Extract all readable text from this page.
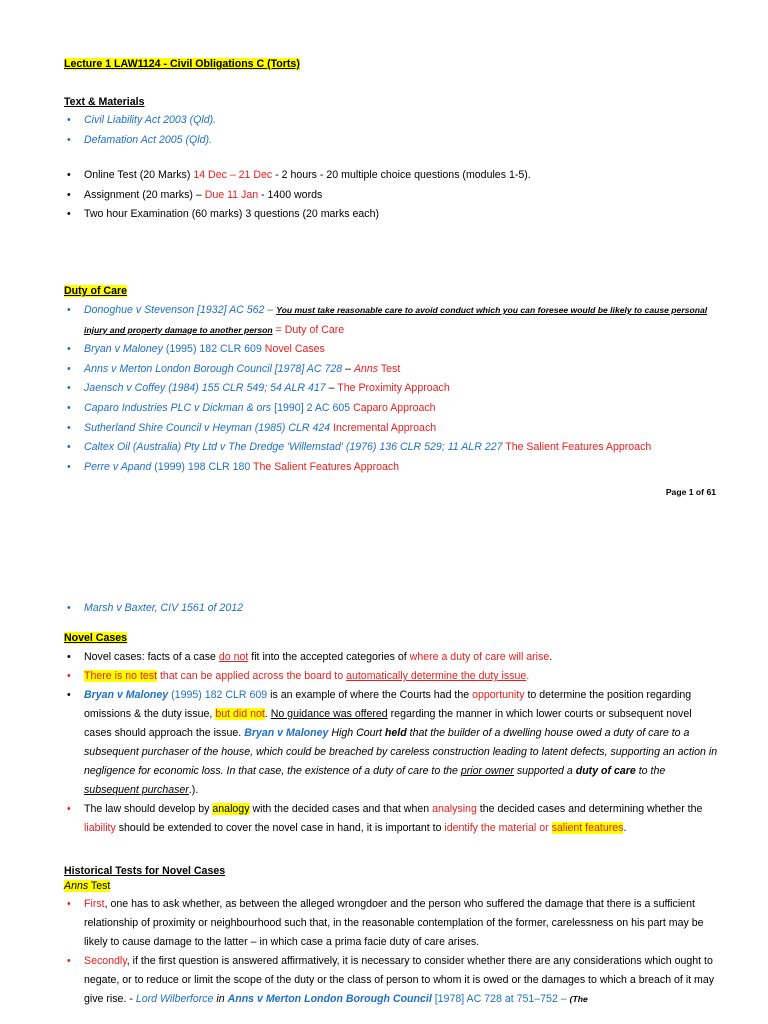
Lecture 1 LAW1124 - Civil Obligations C (Torts)
Text & Materials
• Civil Liability Act 2003 (Qld).
• Defamation Act 2005 (Qld).
• Online Test (20 Marks) 14 Dec – 21 Dec - 2 hours - 20 multiple choice questions (modules 1-5).
• Assignment (20 marks) – Due 11 Jan - 1400 words
• Two hour Examination (60 marks) 3 questions (20 marks each)
Duty of Care
• Donoghue v Stevenson [1932] AC 562 – You must take reasonable care to avoid conduct which you can foresee would be likely to cause personal injury and property damage to another person = Duty of Care
• Bryan v Maloney (1995) 182 CLR 609 Novel Cases
• Anns v Merton London Borough Council [1978] AC 728 – Anns Test
• Jaensch v Coffey (1984) 155 CLR 549; 54 ALR 417 – The Proximity Approach
• Caparo Industries PLC v Dickman & ors [1990] 2 AC 605 Caparo Approach
• Sutherland Shire Council v Heyman (1985) CLR 424 Incremental Approach
• Caltex Oil (Australia) Pty Ltd v The Dredge 'Willemstad' (1976) 136 CLR 529; 11 ALR 227 The Salient Features Approach
• Perre v Apand (1999) 198 CLR 180 The Salient Features Approach
Page 1 of 61
• Marsh v Baxter, CIV 1561 of 2012
Novel Cases
• Novel cases: facts of a case do not fit into the accepted categories of where a duty of care will arise.
• There is no test that can be applied across the board to automatically determine the duty issue.
• Bryan v Maloney (1995) 182 CLR 609 is an example of where the Courts had the opportunity to determine the position regarding omissions & the duty issue, but did not. No guidance was offered regarding the manner in which lower courts or subsequent novel cases should approach the issue. Bryan v Maloney High Court held that the builder of a dwelling house owed a duty of care to a subsequent purchaser of the house, which could be breached by careless construction leading to latent defects, supporting an action in negligence for economic loss. In that case, the existence of a duty of care to the prior owner supported a duty of care to the subsequent purchaser.).
• The law should develop by analogy with the decided cases and that when analysing the decided cases and determining whether the liability should be extended to cover the novel case in hand, it is important to identify the material or salient features.
Historical Tests for Novel Cases
Anns Test
• First, one has to ask whether, as between the alleged wrongdoer and the person who suffered the damage that there is a sufficient relationship of proximity or neighbourhood such that, in the reasonable contemplation of the former, carelessness on his part may be likely to cause damage to the latter – in which case a prima facie duty of care arises.
• Secondly, if the first question is answered affirmatively, it is necessary to consider whether there are any considerations which ought to negate, or to reduce or limit the scope of the duty or the class of person to whom it is owed or the damages to which a breach of it may give rise. - Lord Wilberforce in Anns v Merton London Borough Council [1978] AC 728 at 751–752 – (The
